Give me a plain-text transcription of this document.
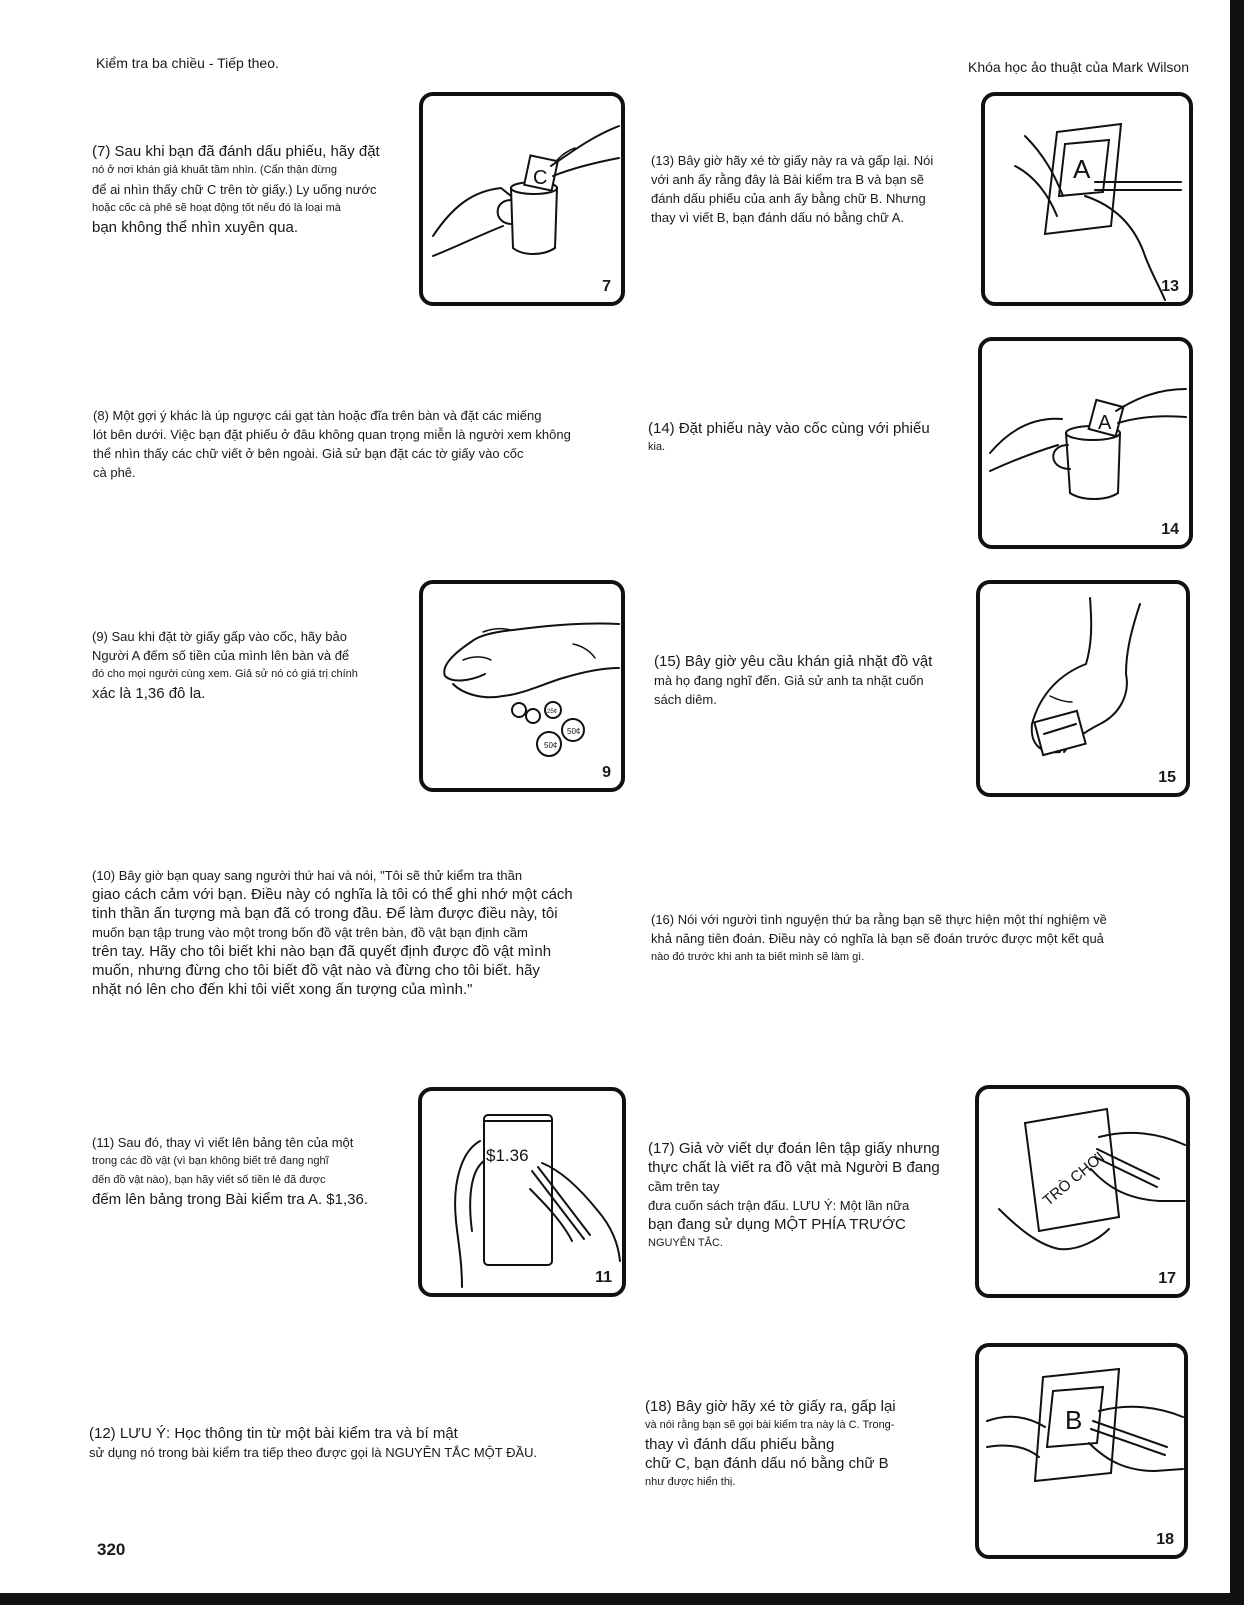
Kiểm tra ba chiều - Tiếp theo.	Khóa học ảo thuật của Mark Wilson
(7) Sau khi bạn đã đánh dấu phiếu, hãy đặt
nó ở nơi khán giả khuất tầm nhìn. (Cẩn thận đừng
để ai nhìn thấy chữ C trên tờ giấy.) Ly uống nước
hoặc cốc cà phê sẽ hoạt động tốt nếu đó là loại mà
bạn không thể nhìn xuyên qua.
(8) Một gợi ý khác là úp ngược cái gạt tàn hoặc đĩa trên bàn và đặt các miếng
lót bên dưới. Việc bạn đặt phiếu ở đâu không quan trọng miễn là người xem không
thể nhìn thấy các chữ viết ở bên ngoài. Giả sử bạn đặt các tờ giấy vào cốc
cà phê.
(9) Sau khi đặt tờ giấy gấp vào cốc, hãy bảo
Người A đếm số tiền của mình lên bàn và để
đó cho mọi người cùng xem. Giả sử nó có giá trị chính
xác là 1,36 đô la.
(10) Bây giờ bạn quay sang người thứ hai và nói, "Tôi sẽ thử kiểm tra thần
giao cách cảm với bạn. Điều này có nghĩa là tôi có thể ghi nhớ một cách
tinh thần ấn tượng mà bạn đã có trong đầu. Để làm được điều này, tôi
muốn bạn tập trung vào một trong bốn đồ vật trên bàn, đồ vật bạn định cầm
trên tay. Hãy cho tôi biết khi nào bạn đã quyết định được đồ vật mình
muốn, nhưng đừng cho tôi biết đồ vật nào và đừng cho tôi biết. hãy
nhặt nó lên cho đến khi tôi viết xong ấn tượng của mình."
(11) Sau đó, thay vì viết lên bảng tên của một
trong các đồ vật (vì bạn không biết trẻ đang nghĩ
đến đồ vật nào), bạn hãy viết số tiền lẻ đã được
đếm lên bảng trong Bài kiểm tra A. $1,36.
(12) LƯU Ý: Học thông tin từ một bài kiểm tra và bí mật
sử dụng nó trong bài kiểm tra tiếp theo được gọi là NGUYÊN TẮC MỘT ĐẦU.
(13) Bây giờ hãy xé tờ giấy này ra và gấp lại. Nói
với anh ấy rằng đây là Bài kiểm tra B và bạn sẽ
đánh dấu phiếu của anh ấy bằng chữ B. Nhưng
thay vì viết B, bạn đánh dấu nó bằng chữ A.
(14) Đặt phiếu này vào cốc cùng với phiếu
kia.
(15) Bây giờ yêu cầu khán giả nhặt đồ vật
mà họ đang nghĩ đến. Giả sử anh ta nhặt cuốn
sách diêm.
(16) Nói với người tình nguyện thứ ba rằng bạn sẽ thực hiện một thí nghiệm về
khả năng tiên đoán. Điều này có nghĩa là bạn sẽ đoán trước được một kết quả
nào đó trước khi anh ta biết mình sẽ làm gì.
(17) Giả vờ viết dự đoán lên tập giấy nhưng
thực chất là viết ra đồ vật mà Người B đang
cầm trên tay
đưa cuốn sách trận đấu. LƯU Ý: Một lần nữa
bạn đang sử dụng MỘT PHÍA TRƯỚC
NGUYÊN TẮC.
(18) Bây giờ hãy xé tờ giấy ra, gấp lại
và nói rằng bạn sẽ gọi bài kiểm tra này là C. Trong-
thay vì đánh dấu phiếu bằng
chữ C, bạn đánh dấu nó bằng chữ B
như được hiển thị.
C
7
50¢
50¢
25¢
9
$1.36
11
A
13
A
14
15
TRÒ CHƠI
17
B
18
320
